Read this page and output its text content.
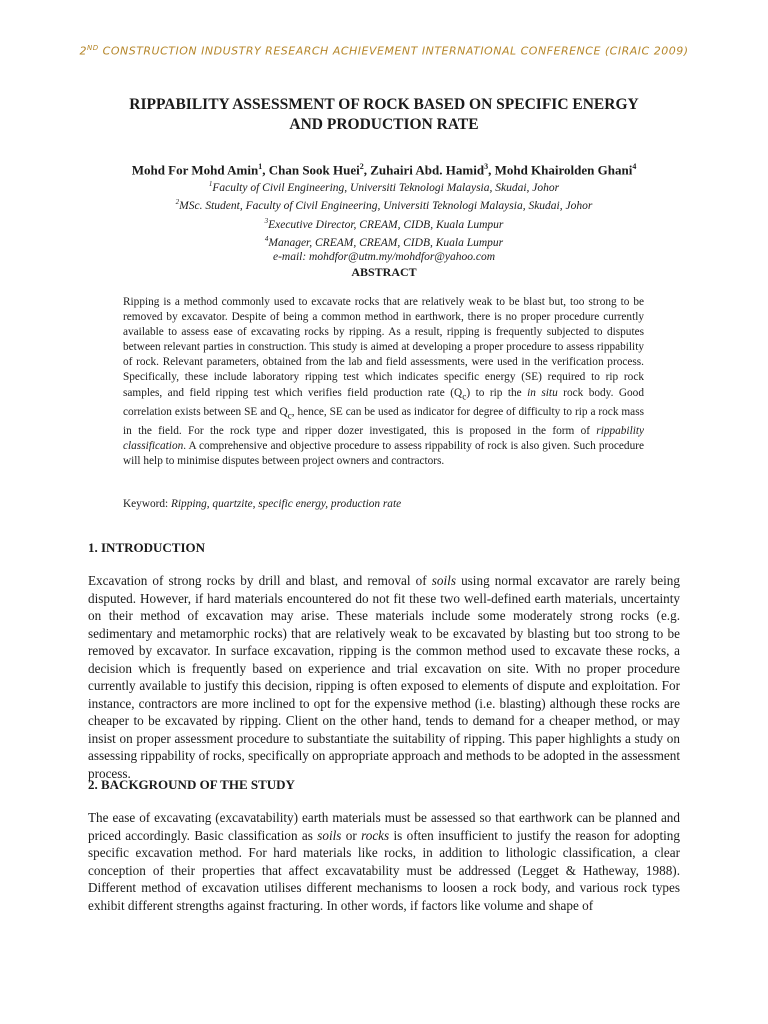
2ND CONSTRUCTION INDUSTRY RESEARCH ACHIEVEMENT INTERNATIONAL CONFERENCE (CIRAIC 2009)
RIPPABILITY ASSESSMENT OF ROCK BASED ON SPECIFIC ENERGY
AND PRODUCTION RATE
Mohd For Mohd Amin$^1$, Chan Sook Huei$^2$, Zuhairi Abd. Hamid$^3$, Mohd Khairolden Ghani$^4$
$^1$Faculty of Civil Engineering, Universiti Teknologi Malaysia, Skudai, Johor
$^2$MSc. Student, Faculty of Civil Engineering, Universiti Teknologi Malaysia, Skudai, Johor
$^3$Executive Director, CREAM, CIDB, Kuala Lumpur
$^4$Manager, CREAM, CREAM, CIDB, Kuala Lumpur
e-mail: mohdfor@utm.my/mohdfor@yahoo.com
ABSTRACT
Ripping is a method commonly used to excavate rocks that are relatively weak to be blast but, too strong to be removed by excavator. Despite of being a common method in earthwork, there is no proper procedure currently available to assess ease of excavating rocks by ripping. As a result, ripping is frequently subjected to disputes between relevant parties in construction. This study is aimed at developing a proper procedure to assess rippability of rock. Relevant parameters, obtained from the lab and field assessments, were used in the verification process. Specifically, these include laboratory ripping test which indicates specific energy (SE) required to rip rock samples, and field ripping test which verifies field production rate $(Q_c)$ to rip the in situ rock body. Good correlation exists between SE and $Q_c$, hence, SE can be used as indicator for degree of difficulty to rip a rock mass in the field. For the rock type and ripper dozer investigated, this is proposed in the form of rippability classification. A comprehensive and objective procedure to assess rippability of rock is also given. Such procedure will help to minimise disputes between project owners and contractors.
Keyword: Ripping, quartzite, specific energy, production rate
1. INTRODUCTION
Excavation of strong rocks by drill and blast, and removal of soils using normal excavator are rarely being disputed. However, if hard materials encountered do not fit these two well-defined earth materials, uncertainty on their method of excavation may arise. These materials include some moderately strong rocks (e.g. sedimentary and metamorphic rocks) that are relatively weak to be excavated by blasting but too strong to be removed by excavator. In surface excavation, ripping is the common method used to excavate these rocks, a decision which is frequently based on experience and trial excavation on site. With no proper procedure currently available to justify this decision, ripping is often exposed to elements of dispute and exploitation. For instance, contractors are more inclined to opt for the expensive method (i.e. blasting) although these rocks are cheaper to be excavated by ripping. Client on the other hand, tends to demand for a cheaper method, or may insist on proper assessment procedure to substantiate the suitability of ripping. This paper highlights a study on assessing rippability of rocks, specifically on appropriate approach and methods to be adopted in the assessment process.
2. BACKGROUND OF THE STUDY
The ease of excavating (excavatability) earth materials must be assessed so that earthwork can be planned and priced accordingly. Basic classification as soils or rocks is often insufficient to justify the reason for adopting specific excavation method. For hard materials like rocks, in addition to lithologic classification, a clear conception of their properties that affect excavatability must be addressed (Legget & Hatheway, 1988). Different method of excavation utilises different mechanisms to loosen a rock body, and various rock types exhibit different strengths against fracturing. In other words, if factors like volume and shape of
